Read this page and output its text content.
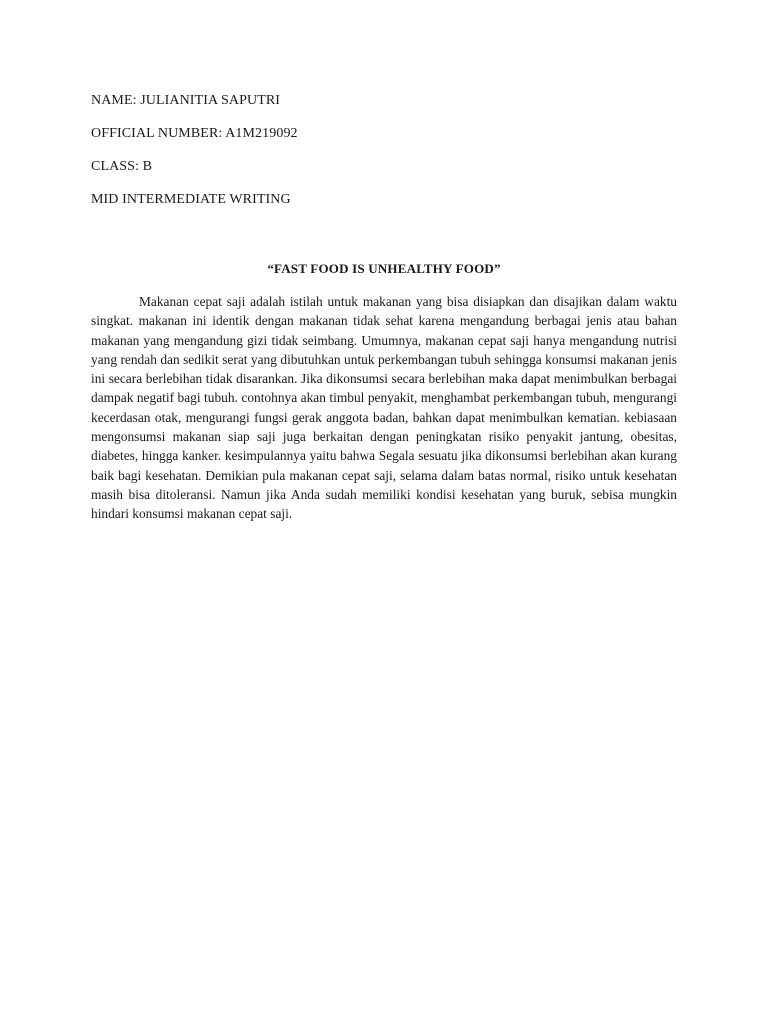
NAME: JULIANITIA SAPUTRI

OFFICIAL NUMBER: A1M219092

CLASS: B

MID INTERMEDIATE WRITING

“FAST FOOD IS UNHEALTHY FOOD”

Makanan cepat saji adalah istilah untuk makanan yang bisa disiapkan dan disajikan dalam waktu singkat. makanan ini identik dengan makanan tidak sehat karena mengandung berbagai jenis atau bahan makanan yang mengandung gizi tidak seimbang. Umumnya, makanan cepat saji hanya mengandung nutrisi yang rendah dan sedikit serat yang dibutuhkan untuk perkembangan tubuh sehingga konsumsi makanan jenis ini secara berlebihan tidak disarankan. Jika dikonsumsi secara berlebihan maka dapat menimbulkan berbagai dampak negatif bagi tubuh. contohnya akan timbul penyakit, menghambat perkembangan tubuh, mengurangi kecerdasan otak, mengurangi fungsi gerak anggota badan, bahkan dapat menimbulkan kematian. kebiasaan mengonsumsi makanan siap saji juga berkaitan dengan peningkatan risiko penyakit jantung, obesitas, diabetes, hingga kanker. kesimpulannya yaitu bahwa Segala sesuatu jika dikonsumsi berlebihan akan kurang baik bagi kesehatan. Demikian pula makanan cepat saji, selama dalam batas normal, risiko untuk kesehatan masih bisa ditoleransi. Namun jika Anda sudah memiliki kondisi kesehatan yang buruk, sebisa mungkin hindari konsumsi makanan cepat saji.
